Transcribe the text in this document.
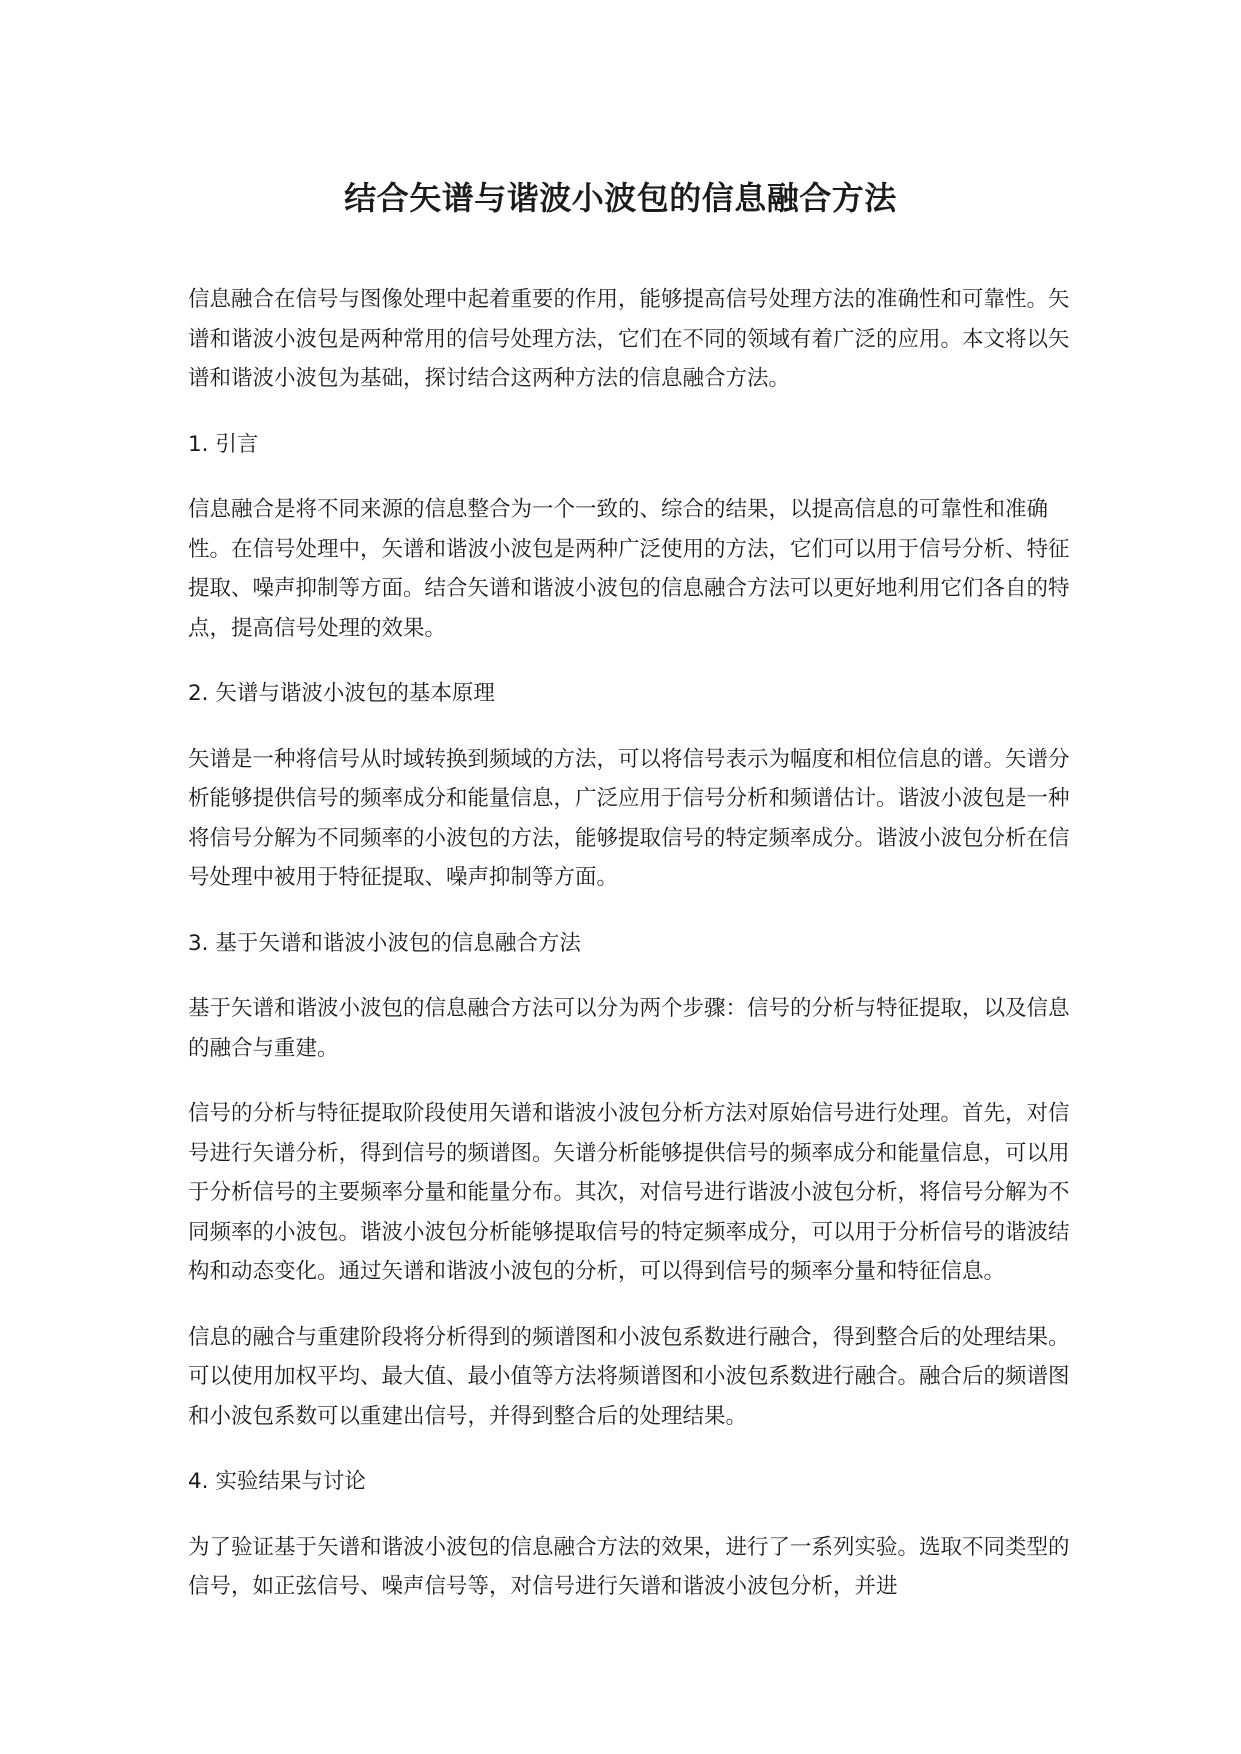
结合矢谱与谐波小波包的信息融合方法

信息融合在信号与图像处理中起着重要的作用，能够提高信号处理方法的准确性和可靠性。矢谱和谐波小波包是两种常用的信号处理方法，它们在不同的领域有着广泛的应用。本文将以矢谱和谐波小波包为基础，探讨结合这两种方法的信息融合方法。

1. 引言

信息融合是将不同来源的信息整合为一个一致的、综合的结果，以提高信息的可靠性和准确性。在信号处理中，矢谱和谐波小波包是两种广泛使用的方法，它们可以用于信号分析、特征提取、噪声抑制等方面。结合矢谱和谐波小波包的信息融合方法可以更好地利用它们各自的特点，提高信号处理的效果。

2. 矢谱与谐波小波包的基本原理

矢谱是一种将信号从时域转换到频域的方法，可以将信号表示为幅度和相位信息的谱。矢谱分析能够提供信号的频率成分和能量信息，广泛应用于信号分析和频谱估计。谐波小波包是一种将信号分解为不同频率的小波包的方法，能够提取信号的特定频率成分。谐波小波包分析在信号处理中被用于特征提取、噪声抑制等方面。

3. 基于矢谱和谐波小波包的信息融合方法

基于矢谱和谐波小波包的信息融合方法可以分为两个步骤：信号的分析与特征提取，以及信息的融合与重建。

信号的分析与特征提取阶段使用矢谱和谐波小波包分析方法对原始信号进行处理。首先，对信号进行矢谱分析，得到信号的频谱图。矢谱分析能够提供信号的频率成分和能量信息，可以用于分析信号的主要频率分量和能量分布。其次，对信号进行谐波小波包分析，将信号分解为不同频率的小波包。谐波小波包分析能够提取信号的特定频率成分，可以用于分析信号的谐波结构和动态变化。通过矢谱和谐波小波包的分析，可以得到信号的频率分量和特征信息。

信息的融合与重建阶段将分析得到的频谱图和小波包系数进行融合，得到整合后的处理结果。可以使用加权平均、最大值、最小值等方法将频谱图和小波包系数进行融合。融合后的频谱图和小波包系数可以重建出信号，并得到整合后的处理结果。

4. 实验结果与讨论

为了验证基于矢谱和谐波小波包的信息融合方法的效果，进行了一系列实验。选取不同类型的信号，如正弦信号、噪声信号等，对信号进行矢谱和谐波小波包分析，并进
